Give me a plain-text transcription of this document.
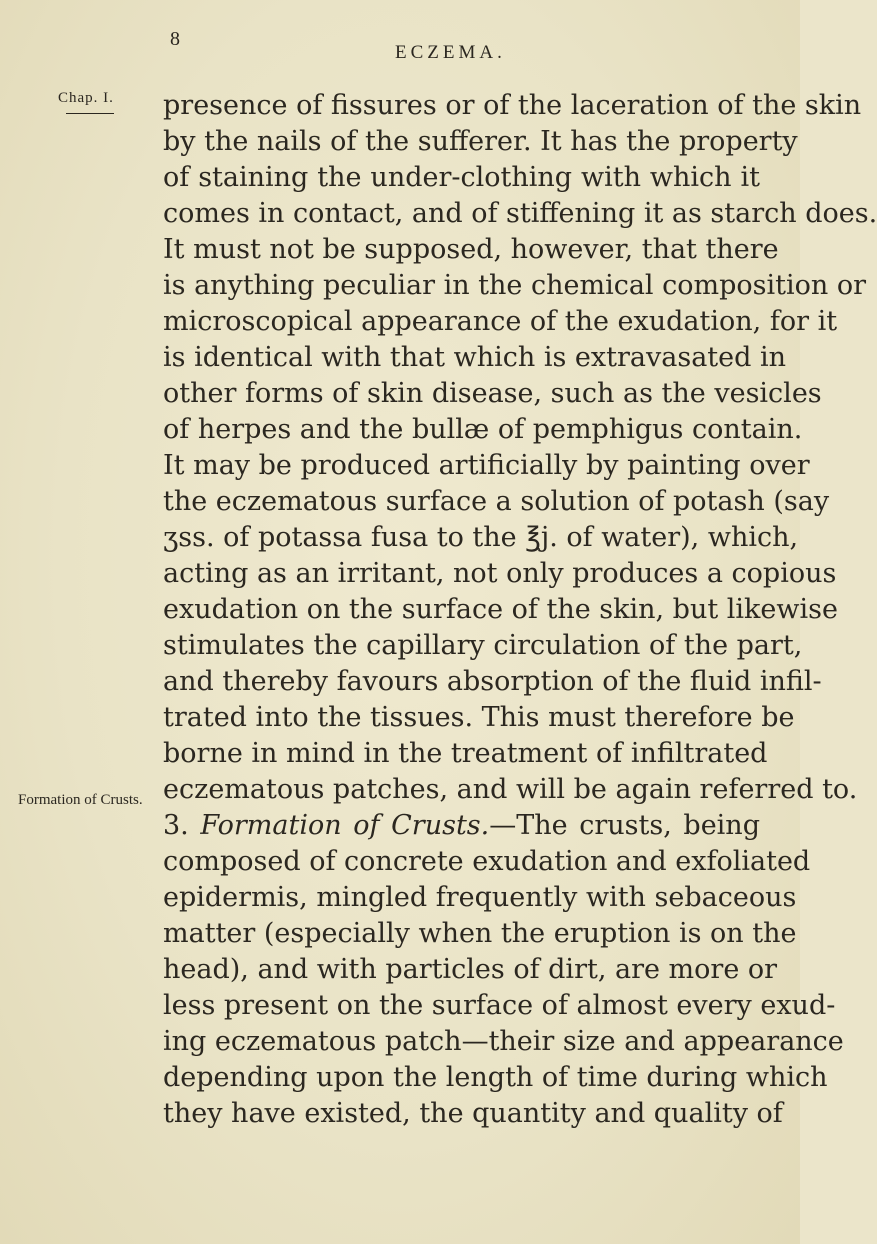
8
ECZEMA.
Chap. I.
Formation of Crusts.
presence of fissures or of the laceration of the skin
by the nails of the sufferer. It has the property
of staining the under-clothing with which it
comes in contact, and of stiffening it as starch does.
It must not be supposed, however, that there
is anything peculiar in the chemical composition or
microscopical appearance of the exudation, for it
is identical with that which is extravasated in
other forms of skin disease, such as the vesicles
of herpes and the bullæ of pemphigus contain.
It may be produced artificially by painting over
the eczematous surface a solution of potash (say
ʒss. of potassa fusa to the ℥j. of water), which,
acting as an irritant, not only produces a copious
exudation on the surface of the skin, but likewise
stimulates the capillary circulation of the part,
and thereby favours absorption of the fluid infil-
trated into the tissues. This must therefore be
borne in mind in the treatment of infiltrated
eczematous patches, and will be again referred to.
3. Formation of Crusts.—The crusts, being
composed of concrete exudation and exfoliated
epidermis, mingled frequently with sebaceous
matter (especially when the eruption is on the
head), and with particles of dirt, are more or
less present on the surface of almost every exud-
ing eczematous patch—their size and appearance
depending upon the length of time during which
they have existed, the quantity and quality of
